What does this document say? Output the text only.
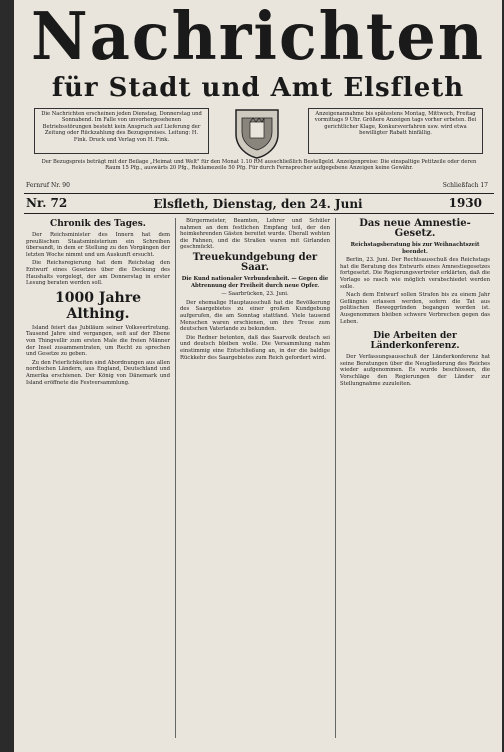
Nachrichten
für Stadt und Amt Elsfleth
Die Nachrichten erscheinen jeden Dienstag, Donnerstag und Sonnabend. Im Falle von unvorhergesehenen Betriebsstörungen besteht kein Anspruch auf Lieferung der Zeitung oder Rückzahlung des Bezugspreises. Leitung: H. Fink. Druck und Verlag von H. Fink.
Anzeigenannahme bis spätestens Montag, Mittwoch, Freitag vormittags 9 Uhr. Größere Anzeigen tags vorher erbeten. Bei gerichtlicher Klage, Konkursverfahren usw. wird etwa bewilligter Rabatt hinfällig.
Der Bezugspreis beträgt mit der Beilage „Heimat und Welt" für den Monat 1.10 RM ausschließlich Bestellgeld. Anzeigenpreise: Die einspaltige Petitzeile oder deren Raum 15 Pfg., auswärts 20 Pfg., Reklamezeile 50 Pfg. Für durch Fernsprecher aufgegebene Anzeigen keine Gewähr.
Fernruf Nr. 90	Schließfach 17
Nr. 72	Elsfleth, Dienstag, den 24. Juni	1930
Chronik des Tages.

Der Reichsminister des Innern hat dem preußischen Staatsministerium ein Schreiben übersandt, in dem er Stellung zu den Vorgängen der letzten Woche nimmt und um Auskunft ersucht.

Die Reichsregierung hat dem Reichstag den Entwurf eines Gesetzes über die Deckung des Haushalts vorgelegt, der am Donnerstag in erster Lesung beraten werden soll.

1000 Jahre Althing.

Island feiert das Jubiläum seiner Volksvertretung. Tausend Jahre sind vergangen, seit auf der Ebene von Thingvellir zum ersten Male die freien Männer der Insel zusammentraten, um Recht zu sprechen und Gesetze zu geben.

Zu den Feierlichkeiten sind Abordnungen aus allen nordischen Ländern, aus England, Deutschland und Amerika erschienen. Der König von Dänemark und Island eröffnete die Festversammlung.

Bürgermeister, Beamten, Lehrer und Schüler nahmen an dem festlichen Empfang teil, der den heimkehrenden Gästen bereitet wurde. Überall wehten die Fahnen, und die Straßen waren mit Girlanden geschmückt.

Treuekundgebung der Saar.

Die Kund nationaler Verbundenheit. — Gegen die Abtrennung der Freiheit durch neue Opfer.

— Saarbrücken, 23. Juni.

Der ehemalige Hauptausschuß hat die Bevölkerung des Saargebietes zu einer großen Kundgebung aufgerufen, die am Sonntag stattfand. Viele tausend Menschen waren erschienen, um ihre Treue zum deutschen Vaterlande zu bekunden.

Die Redner betonten, daß das Saarvolk deutsch sei und deutsch bleiben wolle. Die Versammlung nahm einstimmig eine Entschließung an, in der die baldige Rückkehr des Saargebietes zum Reich gefordert wird.

Das neue Amnestie-Gesetz.

Reichstagsberatung bis zur Weihnachtszeit beendet.

Berlin, 23. Juni. Der Rechtsausschuß des Reichstags hat die Beratung des Entwurfs eines Amnestiegesetzes fortgesetzt. Die Regierungsvertreter erklärten, daß die Vorlage so rasch wie möglich verabschiedet werden solle.

Nach dem Entwurf sollen Strafen bis zu einem Jahr Gefängnis erlassen werden, sofern die Tat aus politischen Beweggründen begangen worden ist. Ausgenommen bleiben schwere Verbrechen gegen das Leben.

Die Arbeiten der Länderkonferenz.

Der Verfassungsausschuß der Länderkonferenz hat seine Beratungen über die Neugliederung des Reiches wieder aufgenommen. Es wurde beschlossen, die Vorschläge den Regierungen der Länder zur Stellungnahme zuzuleiten.
